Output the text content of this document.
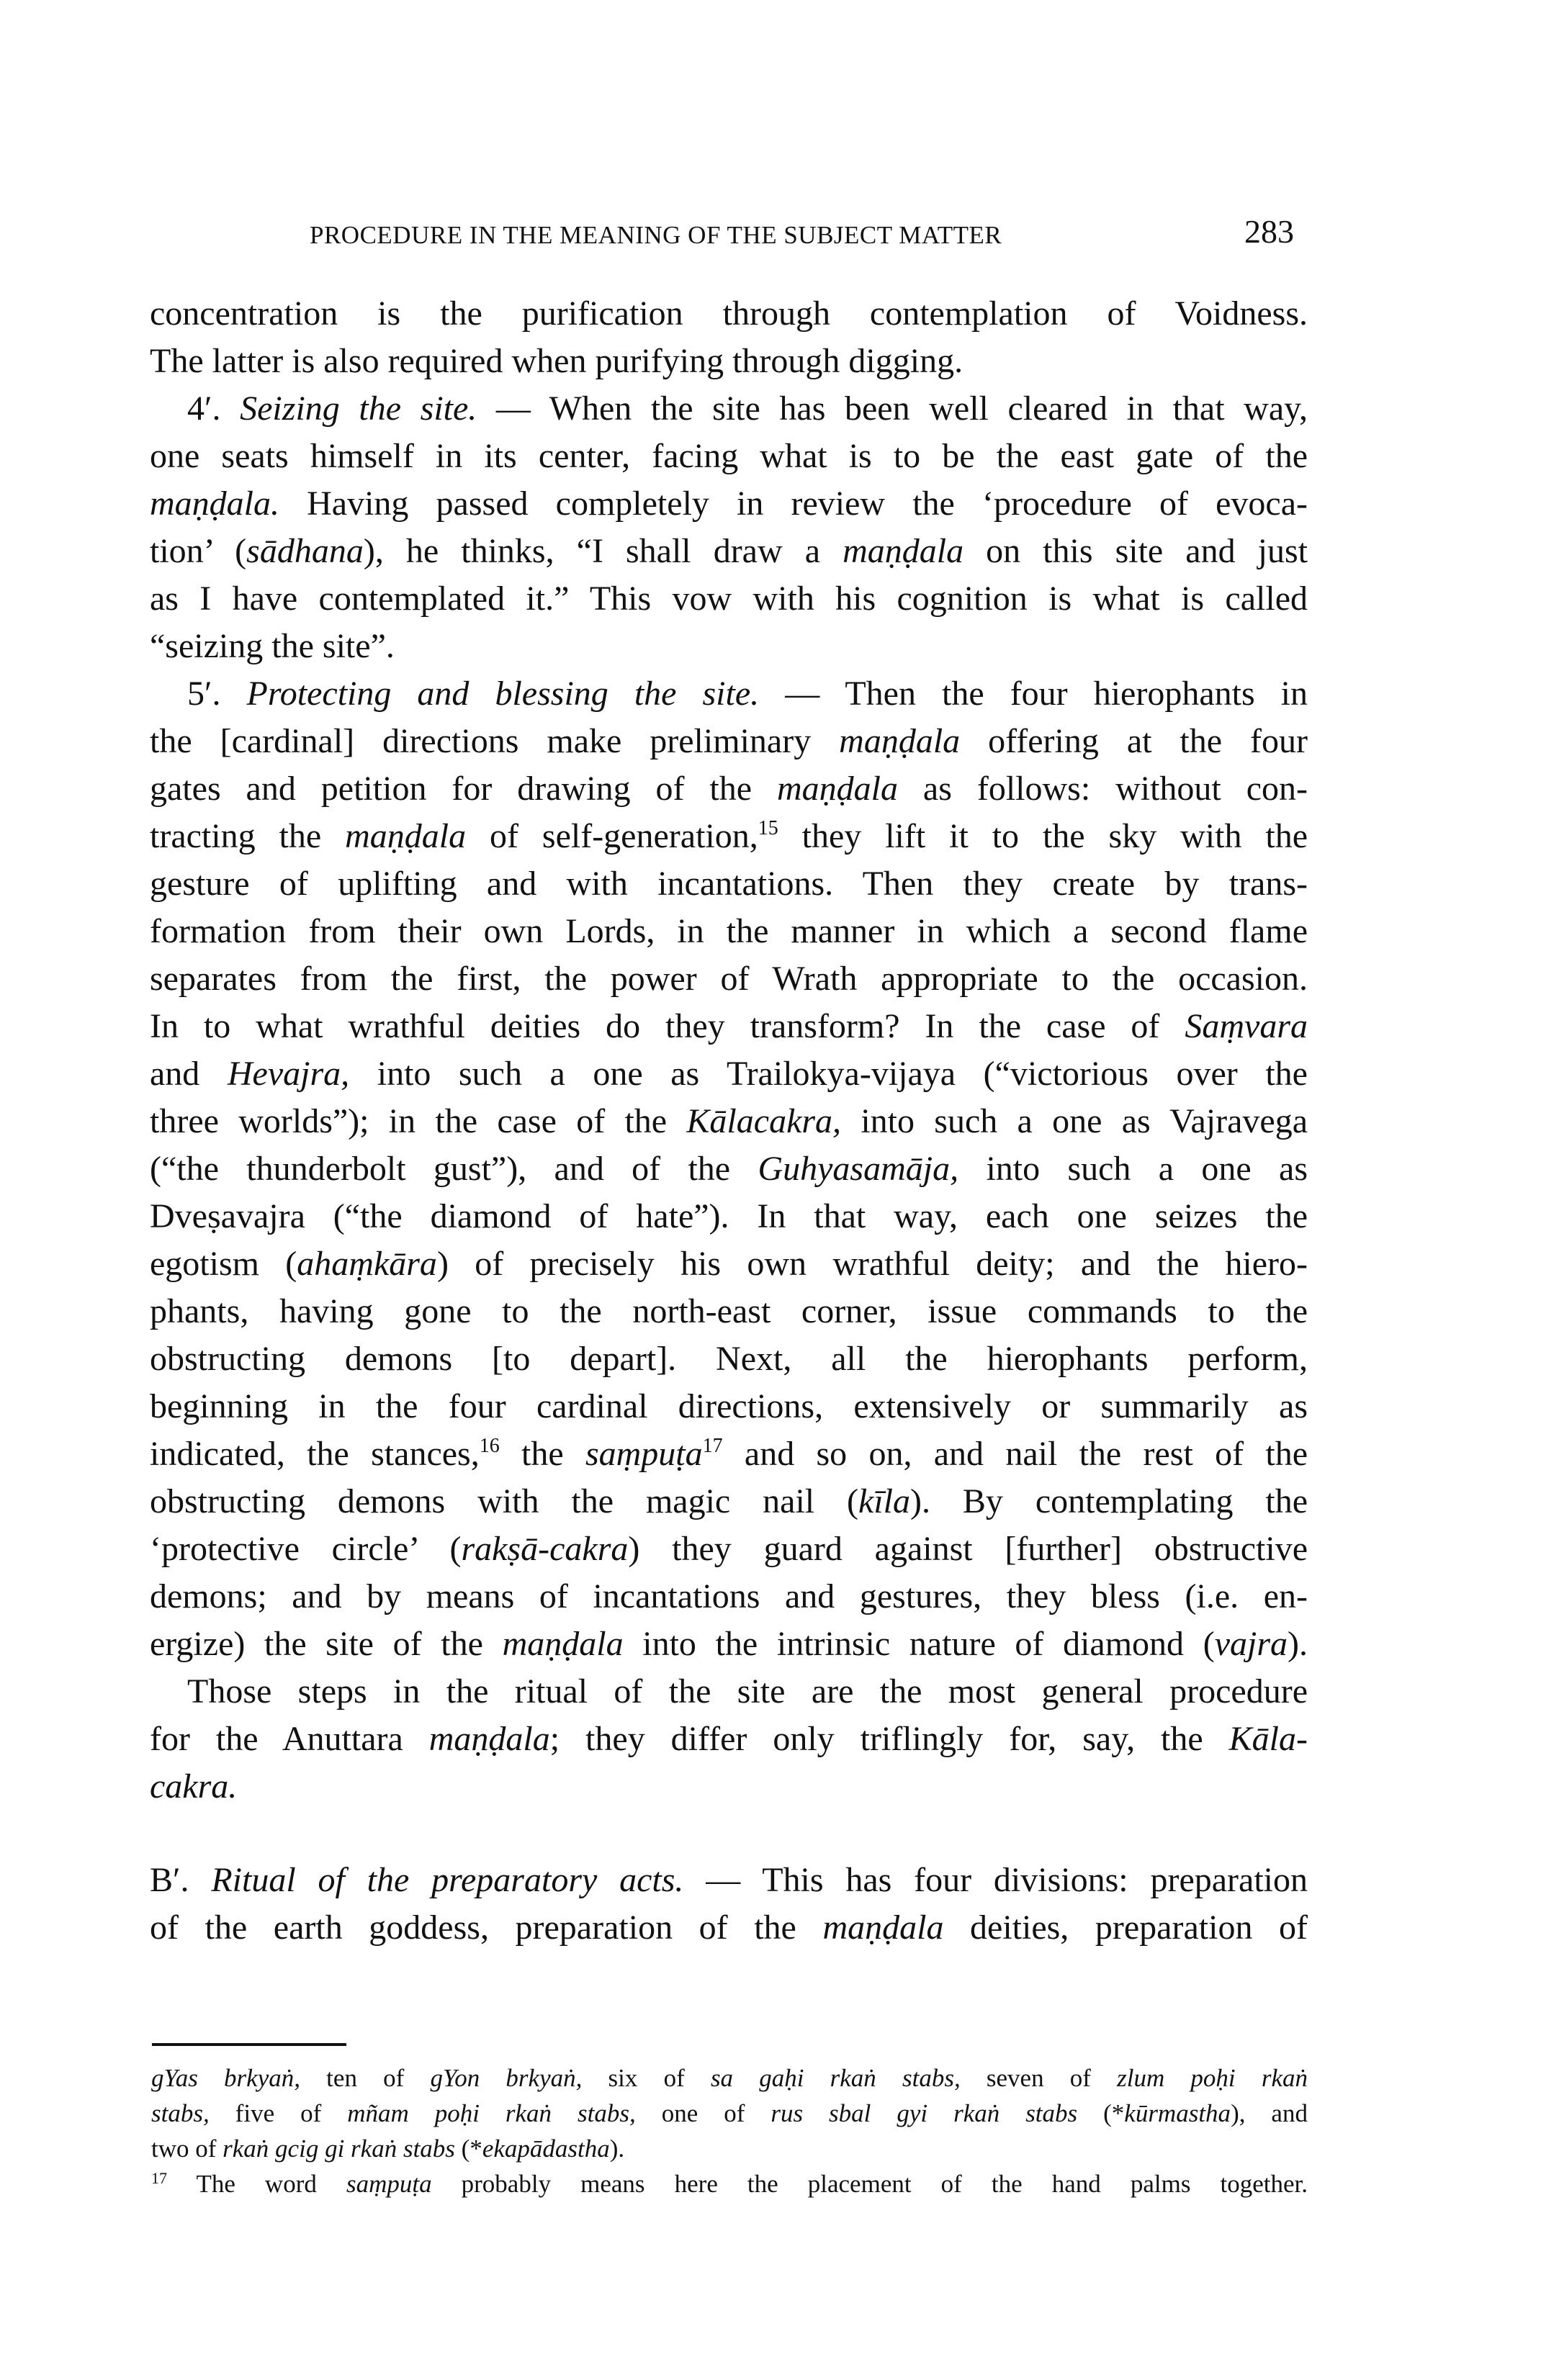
PROCEDURE IN THE MEANING OF THE SUBJECT MATTER	283
concentration is the purification through contemplation of Voidness.
The latter is also required when purifying through digging.
4′. Seizing the site. — When the site has been well cleared in that way,
one seats himself in its center, facing what is to be the east gate of the
maṇḍala. Having passed completely in review the ‘procedure of evoca-
tion’ (sādhana), he thinks, “I shall draw a maṇḍala on this site and just
as I have contemplated it.” This vow with his cognition is what is called
“seizing the site”.
5′. Protecting and blessing the site. — Then the four hierophants in
the [cardinal] directions make preliminary maṇḍala offering at the four
gates and petition for drawing of the maṇḍala as follows: without con-
tracting the maṇḍala of self-generation,$^{15}$ they lift it to the sky with the
gesture of uplifting and with incantations. Then they create by trans-
formation from their own Lords, in the manner in which a second flame
separates from the first, the power of Wrath appropriate to the occasion.
In to what wrathful deities do they transform? In the case of Saṃvara
and Hevajra, into such a one as Trailokya-vijaya (“victorious over the
three worlds”); in the case of the Kālacakra, into such a one as Vajravega
(“the thunderbolt gust”), and of the Guhyasamāja, into such a one as
Dveṣavajra (“the diamond of hate”). In that way, each one seizes the
egotism (ahaṃkāra) of precisely his own wrathful deity; and the hiero-
phants, having gone to the north-east corner, issue commands to the
obstructing demons [to depart]. Next, all the hierophants perform,
beginning in the four cardinal directions, extensively or summarily as
indicated, the stances,$^{16}$ the saṃpuṭa$^{17}$ and so on, and nail the rest of the
obstructing demons with the magic nail (kīla). By contemplating the
‘protective circle’ (rakṣā-cakra) they guard against [further] obstructive
demons; and by means of incantations and gestures, they bless (i.e. en-
ergize) the site of the maṇḍala into the intrinsic nature of diamond (vajra).
Those steps in the ritual of the site are the most general procedure
for the Anuttara maṇḍala; they differ only triflingly for, say, the Kāla-
cakra.
B′. Ritual of the preparatory acts. — This has four divisions: preparation
of the earth goddess, preparation of the maṇḍala deities, preparation of
gYas brkyaṅ, ten of gYon brkyaṅ, six of sa gaḥi rkaṅ stabs, seven of zlum poḥi rkaṅ
stabs, five of mñam poḥi rkaṅ stabs, one of rus sbal gyi rkaṅ stabs (*kūrmastha), and
two of rkaṅ gcig gi rkaṅ stabs (*ekapādastha).
$^{17}$ The word saṃpuṭa probably means here the placement of the hand palms together.
